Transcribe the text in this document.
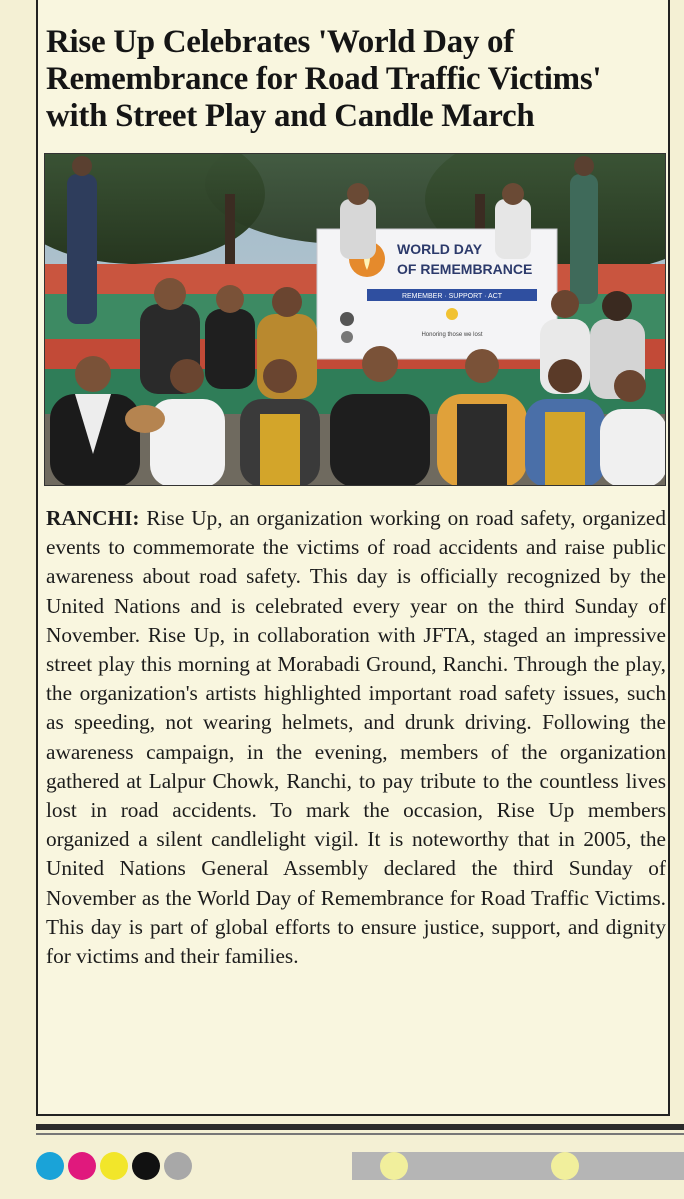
Rise Up Celebrates 'World Day of Remembrance for Road Traffic Victims' with Street Play and Candle March
WORLD DAY
OF REMEMBRANCE
REMEMBER · SUPPORT · ACT
Honoring those we lost

RANCHI: Rise Up, an organization working on road safety, organized events to commemorate the victims of road accidents and raise public awareness about road safety. This day is officially recognized by the United Nations and is celebrated every year on the third Sunday of November. Rise Up, in collaboration with JFTA, staged an impressive street play this morning at Morabadi Ground, Ranchi. Through the play, the organization's artists highlighted important road safety issues, such as speeding, not wearing helmets, and drunk driving. Following the awareness campaign, in the evening, members of the organization gathered at Lalpur Chowk, Ranchi, to pay tribute to the countless lives lost in road accidents. To mark the occasion, Rise Up members organized a silent candlelight vigil. It is noteworthy that in 2005, the United Nations General Assembly declared the third Sunday of November as the World Day of Remembrance for Road Traffic Victims. This day is part of global efforts to ensure justice, support, and dignity for victims and their families.
